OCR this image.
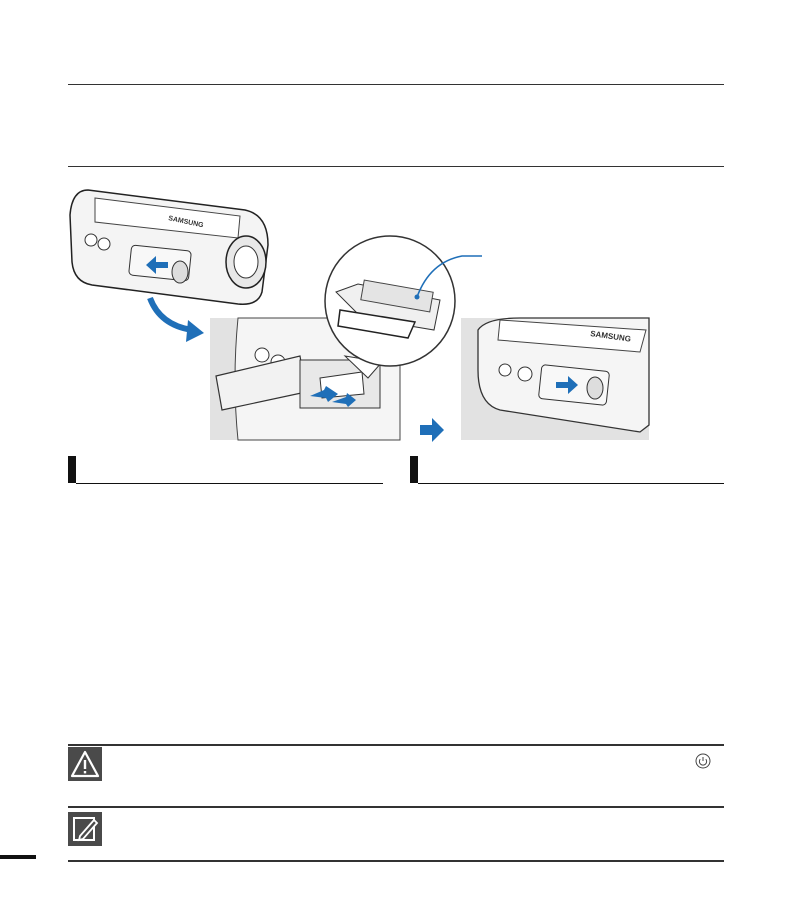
SAMSUNG
SAMSUNG
